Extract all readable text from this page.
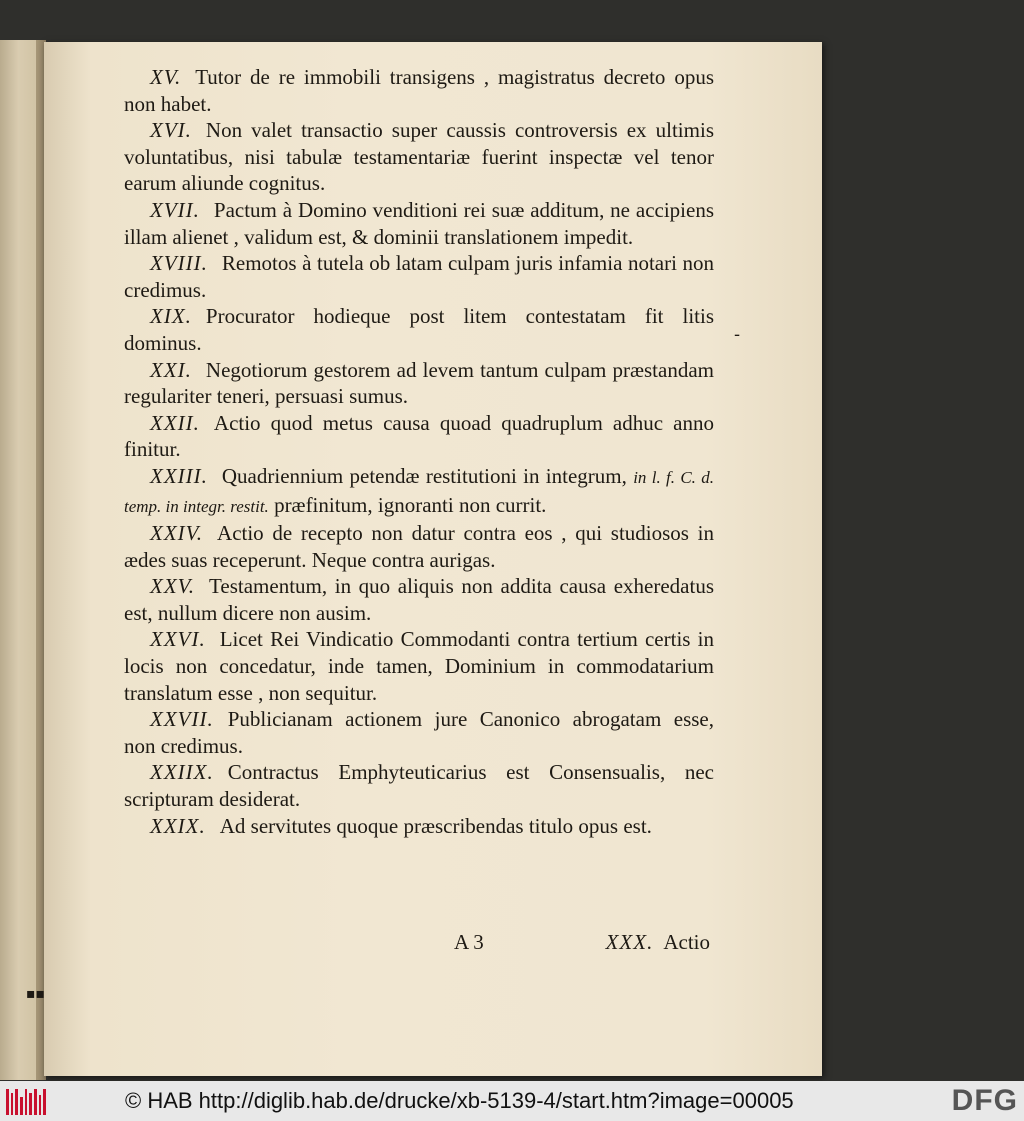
XV. Tutor de re immobili transigens , magistratus decreto opus non habet.

XVI. Non valet transactio super caussis controversis ex ultimis voluntatibus, nisi tabulæ testamentariæ fuerint inspectæ vel tenor earum aliunde cognitus.

XVII. Pactum à Domino venditioni rei suæ additum, ne accipiens illam alienet , validum est, & dominii translationem impedit.

XVIII. Remotos à tutela ob latam culpam juris infamia notari non credimus.

XIX. Procurator hodieque post litem contestatam fit litis dominus.

XXI. Negotiorum gestorem ad levem tantum culpam præstandam regulariter teneri, persuasi sumus.

XXII. Actio quod metus causa quoad quadruplum adhuc anno finitur.

XXIII. Quadriennium petendæ restitutioni in integrum, in l. f. C. d. temp. in integr. restit. præfinitum, ignoranti non currit.

XXIV. Actio de recepto non datur contra eos , qui studiosos in ædes suas receperunt. Neque contra aurigas.

XXV. Testamentum, in quo aliquis non addita causa exheredatus est, nullum dicere non ausim.

XXVI. Licet Rei Vindicatio Commodanti contra tertium certis in locis non concedatur, inde tamen, Dominium in commodatarium translatum esse , non sequitur.

XXVII. Publicianam actionem jure Canonico abrogatam esse, non credimus.

XXIIX. Contractus Emphyteuticarius est Consensualis, nec scripturam desiderat.

XXIX. Ad servitutes quoque præscribendas titulo opus est.

A 3	XXX. Actio
-
▪▪
© HAB http://diglib.hab.de/drucke/xb-5139-4/start.htm?image=00005	DFG
